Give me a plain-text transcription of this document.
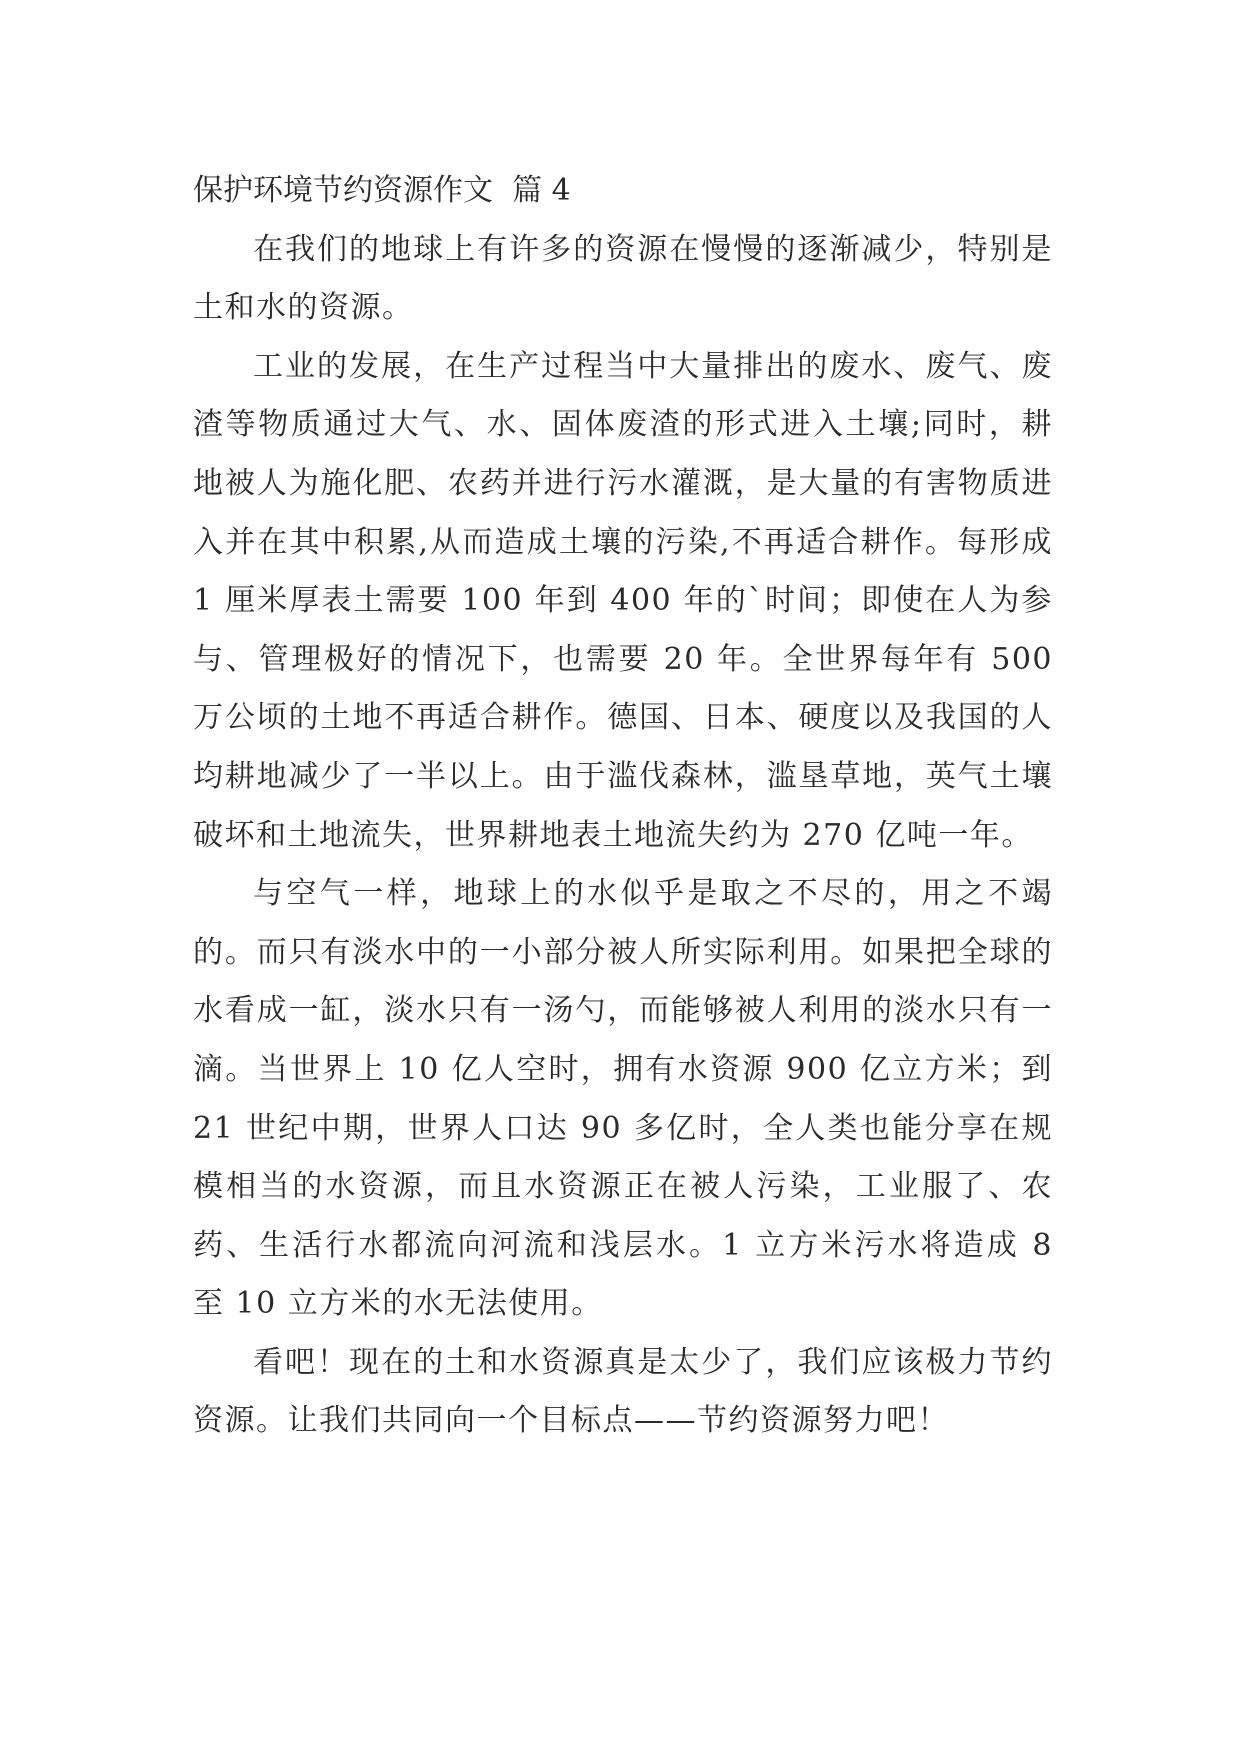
保护环境节约资源作文  篇 4

在我们的地球上有许多的资源在慢慢的逐渐减少，特别是土和水的资源。

工业的发展，在生产过程当中大量排出的废水、废气、废渣等物质通过大气、水、固体废渣的形式进入土壤;同时，耕地被人为施化肥、农药并进行污水灌溉，是大量的有害物质进入并在其中积累,从而造成土壤的污染,不再适合耕作。每形成 1 厘米厚表土需要 100 年到 400 年的`时间；即使在人为参与、管理极好的情况下，也需要 20 年。全世界每年有 500 万公顷的土地不再适合耕作。德国、日本、硬度以及我国的人均耕地减少了一半以上。由于滥伐森林，滥垦草地，英气土壤破坏和土地流失，世界耕地表土地流失约为 270 亿吨一年。

与空气一样，地球上的水似乎是取之不尽的，用之不竭的。而只有淡水中的一小部分被人所实际利用。如果把全球的水看成一缸，淡水只有一汤勺，而能够被人利用的淡水只有一滴。当世界上 10 亿人空时，拥有水资源 900 亿立方米；到 21 世纪中期，世界人口达 90 多亿时，全人类也能分享在规模相当的水资源，而且水资源正在被人污染，工业服了、农药、生活行水都流向河流和浅层水。1 立方米污水将造成 8 至 10 立方米的水无法使用。

看吧！现在的土和水资源真是太少了，我们应该极力节约资源。让我们共同向一个目标点——节约资源努力吧！
